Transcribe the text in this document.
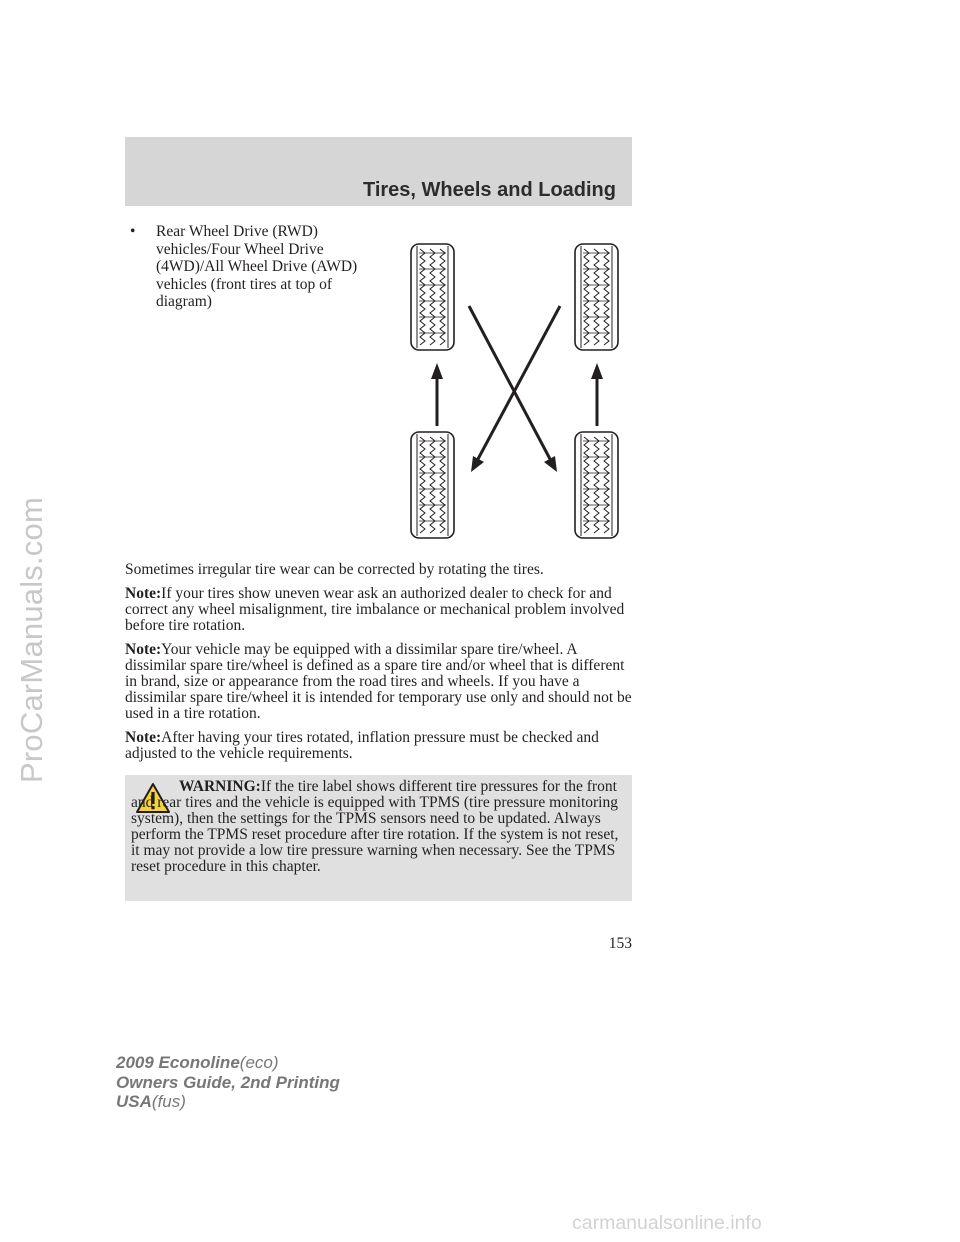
ProCarManuals.com
Tires, Wheels and Loading
• Rear Wheel Drive (RWD) vehicles/Four Wheel Drive (4WD)/All Wheel Drive (AWD) vehicles (front tires at top of diagram)

Sometimes irregular tire wear can be corrected by rotating the tires.

Note:If your tires show uneven wear ask an authorized dealer to check for and correct any wheel misalignment, tire imbalance or mechanical problem involved before tire rotation.

Note:Your vehicle may be equipped with a dissimilar spare tire/wheel. A dissimilar spare tire/wheel is defined as a spare tire and/or wheel that is different in brand, size or appearance from the road tires and wheels. If you have a dissimilar spare tire/wheel it is intended for temporary use only and should not be used in a tire rotation.

Note:After having your tires rotated, inflation pressure must be checked and adjusted to the vehicle requirements.

WARNING:If the tire label shows different tire pressures for the front and rear tires and the vehicle is equipped with TPMS (tire pressure monitoring system), then the settings for the TPMS sensors need to be updated. Always perform the TPMS reset procedure after tire rotation. If the system is not reset, it may not provide a low tire pressure warning when necessary. See the TPMS reset procedure in this chapter.
153
2009 Econoline(eco)
Owners Guide, 2nd Printing
USA(fus)
carmanualsonline.info
